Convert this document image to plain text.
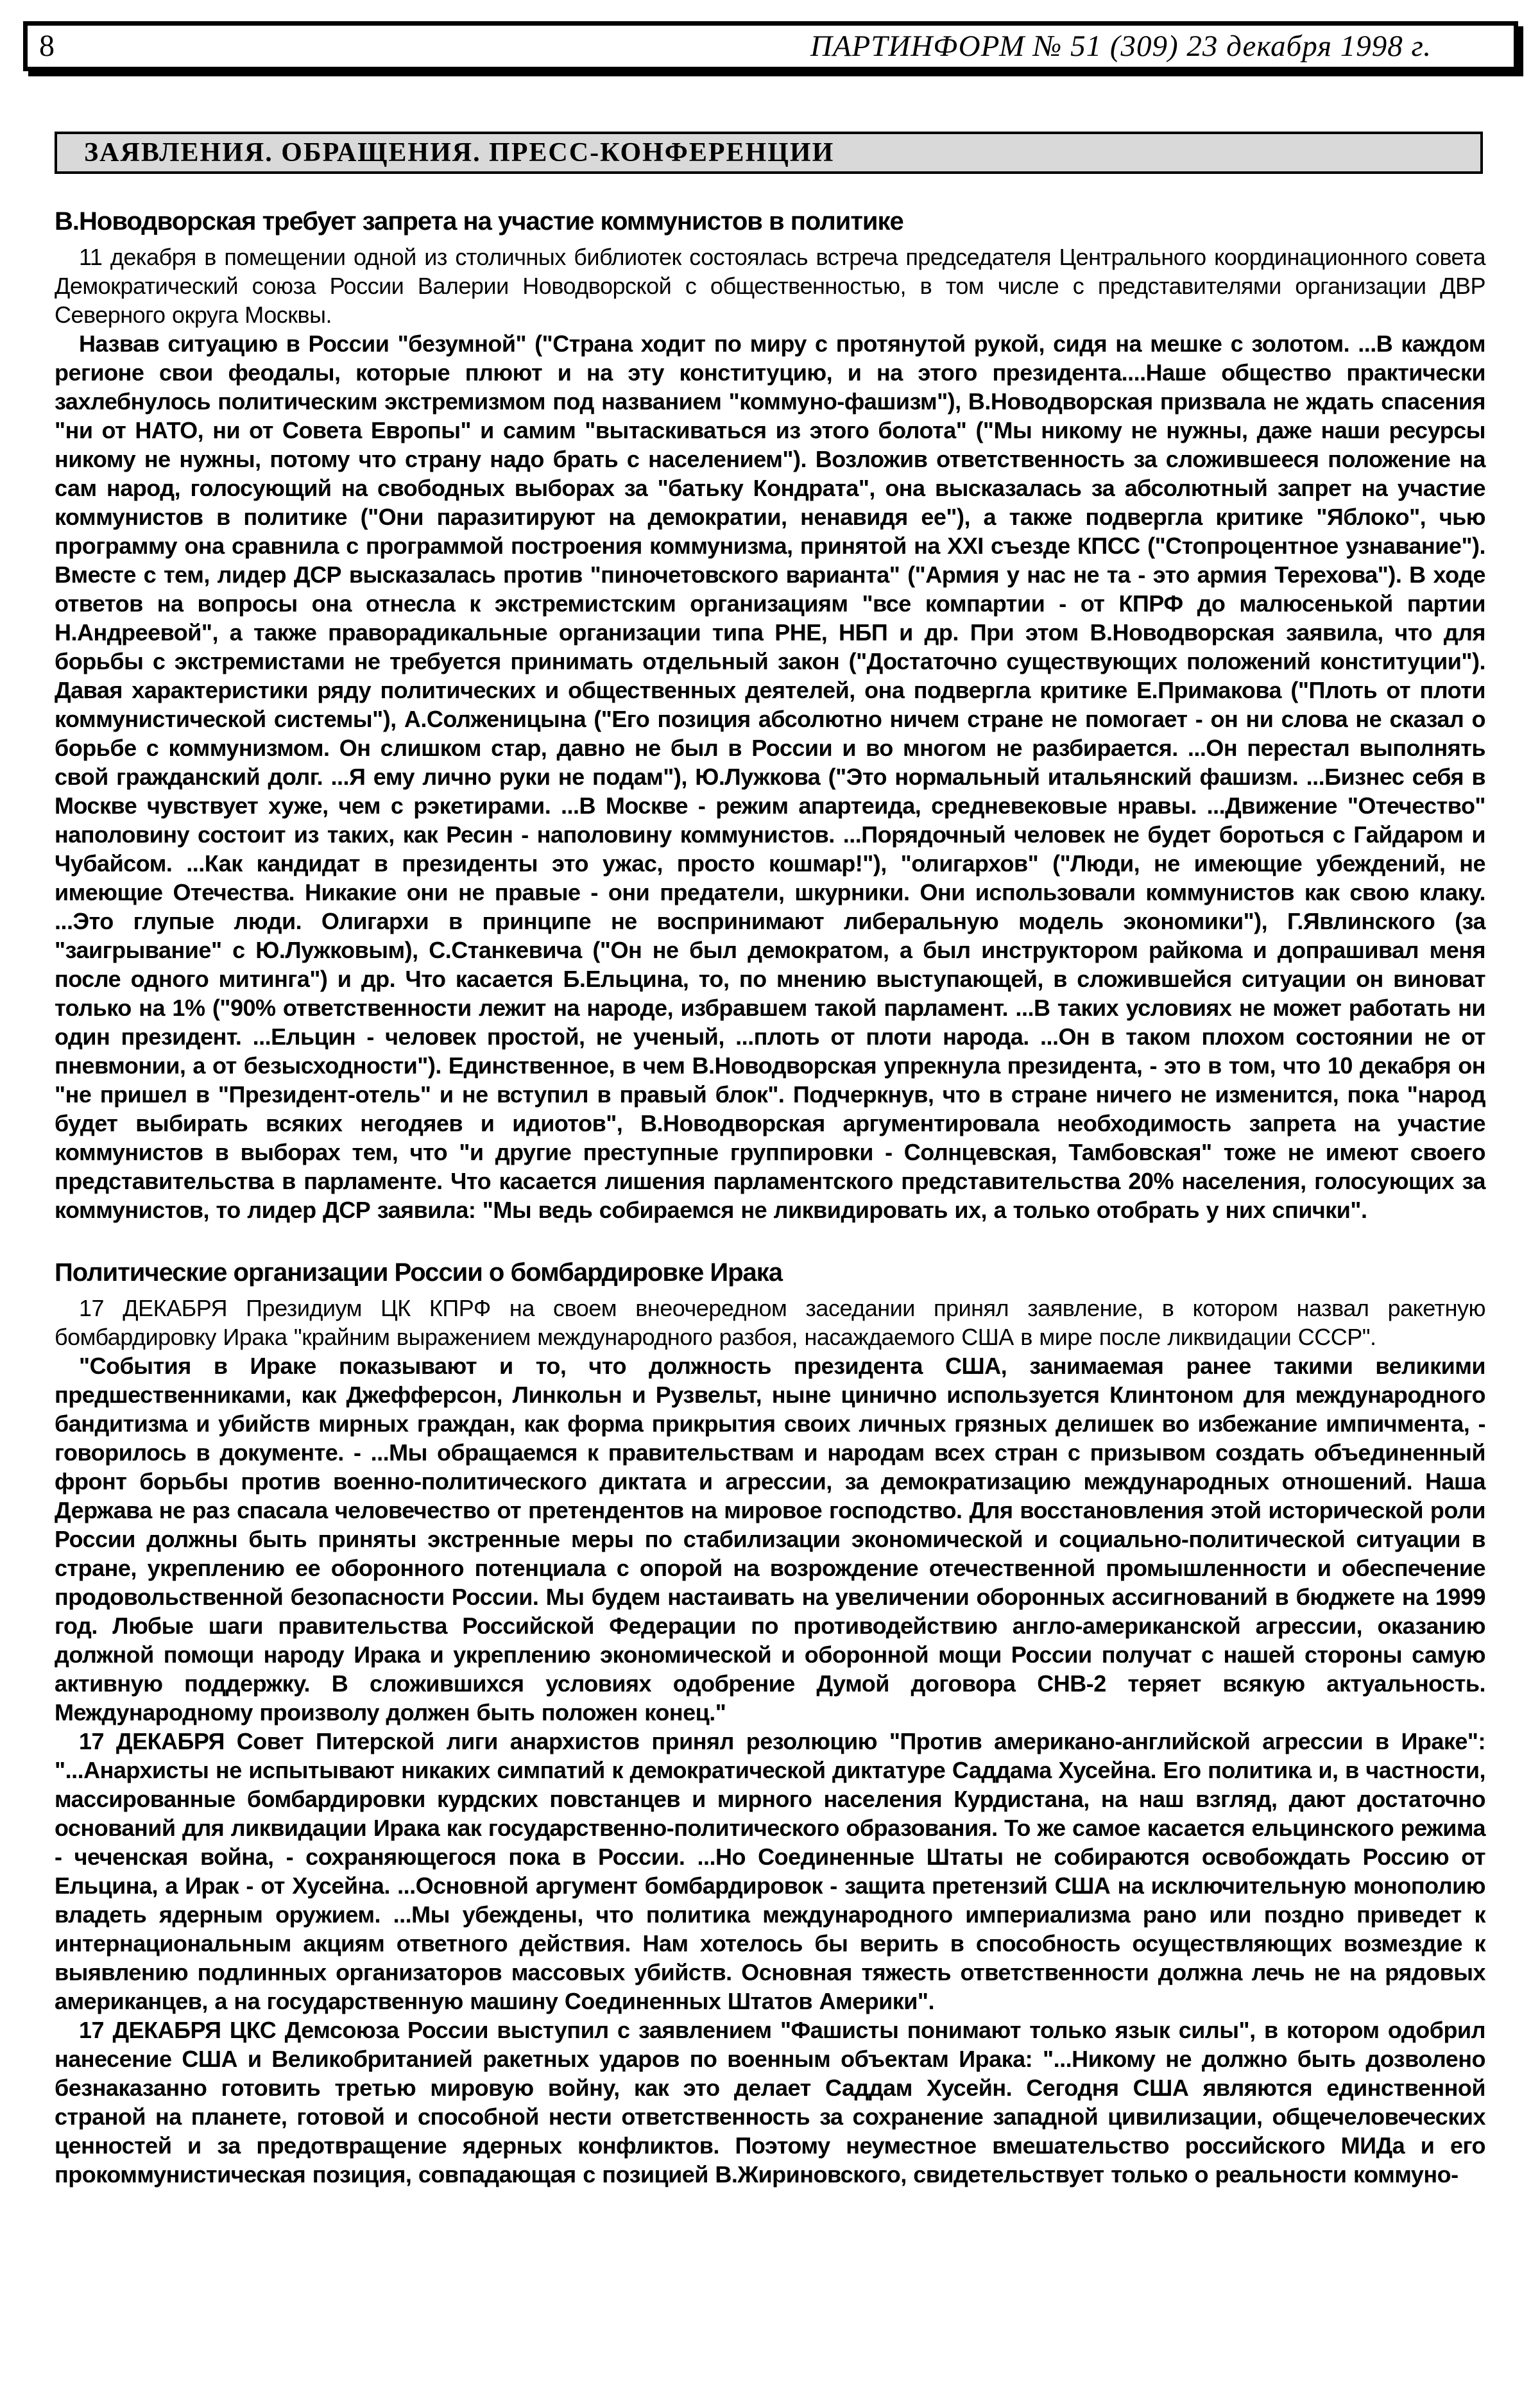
8	ПАРТИНФОРМ № 51 (309) 23 декабря 1998 г.
ЗАЯВЛЕНИЯ. ОБРАЩЕНИЯ. ПРЕСС-КОНФЕРЕНЦИИ
В.Новодворская требует запрета на участие коммунистов в политике

11 декабря в помещении одной из столичных библиотек состоялась встреча председателя Центрального координационного совета Демократический союза России Валерии Новодворской с общественностью, в том числе с представителями организации ДВР Северного округа Москвы.

Назвав ситуацию в России "безумной" ("Страна ходит по миру с протянутой рукой, сидя на мешке с золотом. ...В каждом регионе свои феодалы, которые плюют и на эту конституцию, и на этого президента....Наше общество практически захлебнулось политическим экстремизмом под названием "коммуно-фашизм"), В.Новодворская призвала не ждать спасения "ни от НАТО, ни от Совета Европы" и самим "вытаскиваться из этого болота" ("Мы никому не нужны, даже наши ресурсы никому не нужны, потому что страну надо брать с населением"). Возложив ответственность за сложившееся положение на сам народ, голосующий на свободных выборах за "батьку Кондрата", она высказалась за абсолютный запрет на участие коммунистов в политике ("Они паразитируют на демократии, ненавидя ее"), а также подвергла критике "Яблоко", чью программу она сравнила с программой построения коммунизма, принятой на XXI съезде КПСС ("Стопроцентное узнавание"). Вместе с тем, лидер ДСР высказалась против "пиночетовского варианта" ("Армия у нас не та - это армия Терехова"). В ходе ответов на вопросы она отнесла к экстремистским организациям "все компартии - от КПРФ до малюсенькой партии Н.Андреевой", а также праворадикальные организации типа РНЕ, НБП и др. При этом В.Новодворская заявила, что для борьбы с экстремистами не требуется принимать отдельный закон ("Достаточно существующих положений конституции"). Давая характеристики ряду политических и общественных деятелей, она подвергла критике Е.Примакова ("Плоть от плоти коммунистической системы"), А.Солженицына ("Его позиция абсолютно ничем стране не помогает - он ни слова не сказал о борьбе с коммунизмом. Он слишком стар, давно не был в России и во многом не разбирается. ...Он перестал выполнять свой гражданский долг. ...Я ему лично руки не подам"), Ю.Лужкова ("Это нормальный итальянский фашизм. ...Бизнес себя в Москве чувствует хуже, чем с рэкетирами. ...В Москве - режим апартеида, средневековые нравы. ...Движение "Отечество" наполовину состоит из таких, как Ресин - наполовину коммунистов. ...Порядочный человек не будет бороться с Гайдаром и Чубайсом. ...Как кандидат в президенты это ужас, просто кошмар!"), "олигархов" ("Люди, не имеющие убеждений, не имеющие Отечества. Никакие они не правые - они предатели, шкурники. Они использовали коммунистов как свою клаку. ...Это глупые люди. Олигархи в принципе не воспринимают либеральную модель экономики"), Г.Явлинского (за "заигрывание" с Ю.Лужковым), С.Станкевича ("Он не был демократом, а был инструктором райкома и допрашивал меня после одного митинга") и др. Что касается Б.Ельцина, то, по мнению выступающей, в сложившейся ситуации он виноват только на 1% ("90% ответственности лежит на народе, избравшем такой парламент. ...В таких условиях не может работать ни один президент. ...Ельцин - человек простой, не ученый, ...плоть от плоти народа. ...Он в таком плохом состоянии не от пневмонии, а от безысходности"). Единственное, в чем В.Новодворская упрекнула президента, - это в том, что 10 декабря он "не пришел в "Президент-отель" и не вступил в правый блок". Подчеркнув, что в стране ничего не изменится, пока "народ будет выбирать всяких негодяев и идиотов", В.Новодворская аргументировала необходимость запрета на участие коммунистов в выборах тем, что "и другие преступные группировки - Солнцевская, Тамбовская" тоже не имеют своего представительства в парламенте. Что касается лишения парламентского представительства 20% населения, голосующих за коммунистов, то лидер ДСР заявила: "Мы ведь собираемся не ликвидировать их, а только отобрать у них спички".

Политические организации России о бомбардировке Ирака

17 ДЕКАБРЯ Президиум ЦК КПРФ на своем внеочередном заседании принял заявление, в котором назвал ракетную бомбардировку Ирака "крайним выражением международного разбоя, насаждаемого США в мире после ликвидации СССР".

"События в Ираке показывают и то, что должность президента США, занимаемая ранее такими великими предшественниками, как Джефферсон, Линкольн и Рузвельт, ныне цинично используется Клинтоном для международного бандитизма и убийств мирных граждан, как форма прикрытия своих личных грязных делишек во избежание импичмента, - говорилось в документе. - ...Мы обращаемся к правительствам и народам всех стран с призывом создать объединенный фронт борьбы против военно-политического диктата и агрессии, за демократизацию международных отношений. Наша Держава не раз спасала человечество от претендентов на мировое господство. Для восстановления этой исторической роли России должны быть приняты экстренные меры по стабилизации экономической и социально-политической ситуации в стране, укреплению ее оборонного потенциала с опорой на возрождение отечественной промышленности и обеспечение продовольственной безопасности России. Мы будем настаивать на увеличении оборонных ассигнований в бюджете на 1999 год. Любые шаги правительства Российской Федерации по противодействию англо-американской агрессии, оказанию должной помощи народу Ирака и укреплению экономической и оборонной мощи России получат с нашей стороны самую активную поддержку. В сложившихся условиях одобрение Думой договора СНВ-2 теряет всякую актуальность. Международному произволу должен быть положен конец."

17 ДЕКАБРЯ Совет Питерской лиги анархистов принял резолюцию "Против американо-английской агрессии в Ираке": "...Анархисты не испытывают никаких симпатий к демократической диктатуре Саддама Хусейна. Его политика и, в частности, массированные бомбардировки курдских повстанцев и мирного населения Курдистана, на наш взгляд, дают достаточно оснований для ликвидации Ирака как государственно-политического образования. То же самое касается ельцинского режима - чеченская война, - сохраняющегося пока в России. ...Но Соединенные Штаты не собираются освобождать Россию от Ельцина, а Ирак - от Хусейна. ...Основной аргумент бомбардировок - защита претензий США на исключительную монополию владеть ядерным оружием. ...Мы убеждены, что политика международного империализма рано или поздно приведет к интернациональным акциям ответного действия. Нам хотелось бы верить в способность осуществляющих возмездие к выявлению подлинных организаторов массовых убийств. Основная тяжесть ответственности должна лечь не на рядовых американцев, а на государственную машину Соединенных Штатов Америки".

17 ДЕКАБРЯ ЦКС Демсоюза России выступил с заявлением "Фашисты понимают только язык силы", в котором одобрил нанесение США и Великобританией ракетных ударов по военным объектам Ирака: "...Никому не должно быть дозволено безнаказанно готовить третью мировую войну, как это делает Саддам Хусейн. Сегодня США являются единственной страной на планете, готовой и способной нести ответственность за сохранение западной цивилизации, общечеловеческих ценностей и за предотвращение ядерных конфликтов. Поэтому неуместное вмешательство российского МИДа и его прокоммунистическая позиция, совпадающая с позицией В.Жириновского, свидетельствует только о реальности коммуно-
